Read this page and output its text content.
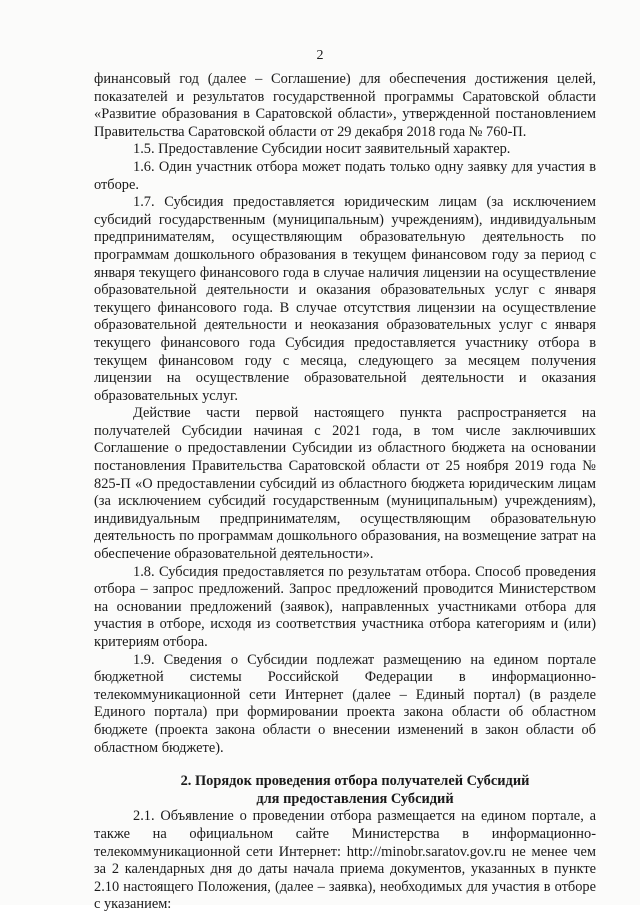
2

финансовый год (далее – Соглашение) для обеспечения достижения целей, показателей и результатов государственной программы Саратовской области «Развитие образования в Саратовской области», утвержденной постановлением Правительства Саратовской области от 29 декабря 2018 года № 760-П.

1.5. Предоставление Субсидии носит заявительный характер.

1.6. Один участник отбора может подать только одну заявку для участия в отборе.

1.7. Субсидия предоставляется юридическим лицам (за исключением субсидий государственным (муниципальным) учреждениям), индивидуальным предпринимателям, осуществляющим образовательную деятельность по программам дошкольного образования в текущем финансовом году за период с января текущего финансового года в случае наличия лицензии на осуществление образовательной деятельности и оказания образовательных услуг с января текущего финансового года. В случае отсутствия лицензии на осуществление образовательной деятельности и неоказания образовательных услуг с января текущего финансового года Субсидия предоставляется участнику отбора в текущем финансовом году с месяца, следующего за месяцем получения лицензии на осуществление образовательной деятельности и оказания образовательных услуг.

Действие части первой настоящего пункта распространяется на получателей Субсидии начиная с 2021 года, в том числе заключивших Соглашение о предоставлении Субсидии из областного бюджета на основании постановления Правительства Саратовской области от 25 ноября 2019 года № 825-П «О предоставлении субсидий из областного бюджета юридическим лицам (за исключением субсидий государственным (муниципальным) учреждениям), индивидуальным предпринимателям, осуществляющим образовательную деятельность по программам дошкольного образования, на возмещение затрат на обеспечение образовательной деятельности».

1.8. Субсидия предоставляется по результатам отбора. Способ проведения отбора – запрос предложений. Запрос предложений проводится Министерством на основании предложений (заявок), направленных участниками отбора для участия в отборе, исходя из соответствия участника отбора категориям и (или) критериям отбора.

1.9. Сведения о Субсидии подлежат размещению на едином портале бюджетной системы Российской Федерации в информационно-телекоммуникационной сети Интернет (далее – Единый портал) (в разделе Единого портала) при формировании проекта закона области об областном бюджете (проекта закона области о внесении изменений в закон области об областном бюджете).

2. Порядок проведения отбора получателей Субсидий
для предоставления Субсидий

2.1. Объявление о проведении отбора размещается на едином портале, а также на официальном сайте Министерства в информационно-телекоммуникационной сети Интернет: http://minobr.saratov.gov.ru не менее чем за 2 календарных дня до даты начала приема документов, указанных в пункте 2.10 настоящего Положения, (далее – заявка), необходимых для участия в отборе с указанием:
